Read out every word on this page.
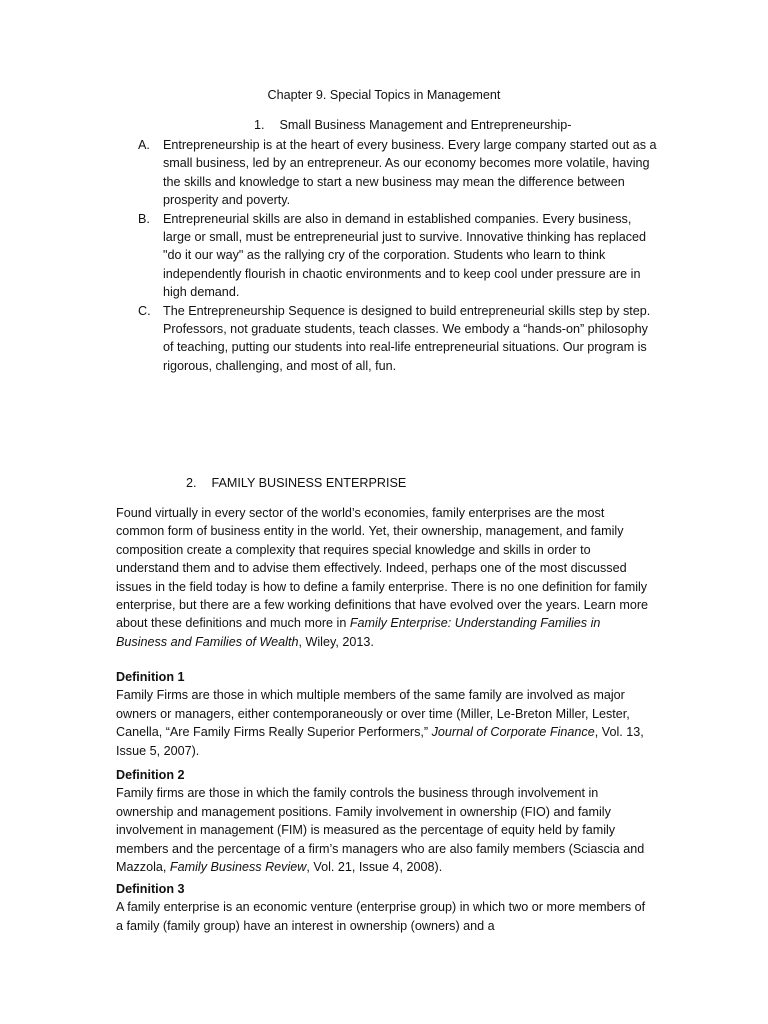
Chapter 9. Special Topics in Management
1. Small Business Management and Entrepreneurship-
A.	Entrepreneurship is at the heart of every business. Every large company started out as a small business, led by an entrepreneur. As our economy becomes more volatile, having the skills and knowledge to start a new business may mean the difference between prosperity and poverty.
B.	Entrepreneurial skills are also in demand in established companies. Every business, large or small, must be entrepreneurial just to survive. Innovative thinking has replaced "do it our way" as the rallying cry of the corporation. Students who learn to think independently flourish in chaotic environments and to keep cool under pressure are in high demand.
C. The Entrepreneurship Sequence is designed to build entrepreneurial skills step by step. Professors, not graduate students, teach classes. We embody a “hands-on” philosophy of teaching, putting our students into real-life entrepreneurial situations. Our program is rigorous, challenging, and most of all, fun.
2. FAMILY BUSINESS ENTERPRISE

Found virtually in every sector of the world’s economies, family enterprises are the most common form of business entity in the world. Yet, their ownership, management, and family composition create a complexity that requires special knowledge and skills in order to understand them and to advise them effectively. Indeed, perhaps one of the most discussed issues in the field today is how to define a family enterprise. There is no one definition for family enterprise, but there are a few working definitions that have evolved over the years. Learn more about these definitions and much more in Family Enterprise: Understanding Families in Business and Families of Wealth, Wiley, 2013.

Definition 1
Family Firms are those in which multiple members of the same family are involved as major owners or managers, either contemporaneously or over time (Miller, Le-Breton Miller, Lester, Canella, “Are Family Firms Really Superior Performers,” Journal of Corporate Finance, Vol. 13, Issue 5, 2007).
Definition 2
Family firms are those in which the family controls the business through involvement in ownership and management positions. Family involvement in ownership (FIO) and family involvement in management (FIM) is measured as the percentage of equity held by family members and the percentage of a firm’s managers who are also family members (Sciascia and Mazzola, Family Business Review, Vol. 21, Issue 4, 2008).
Definition 3
A family enterprise is an economic venture (enterprise group) in which two or more members of a family (family group) have an interest in ownership (owners) and a
